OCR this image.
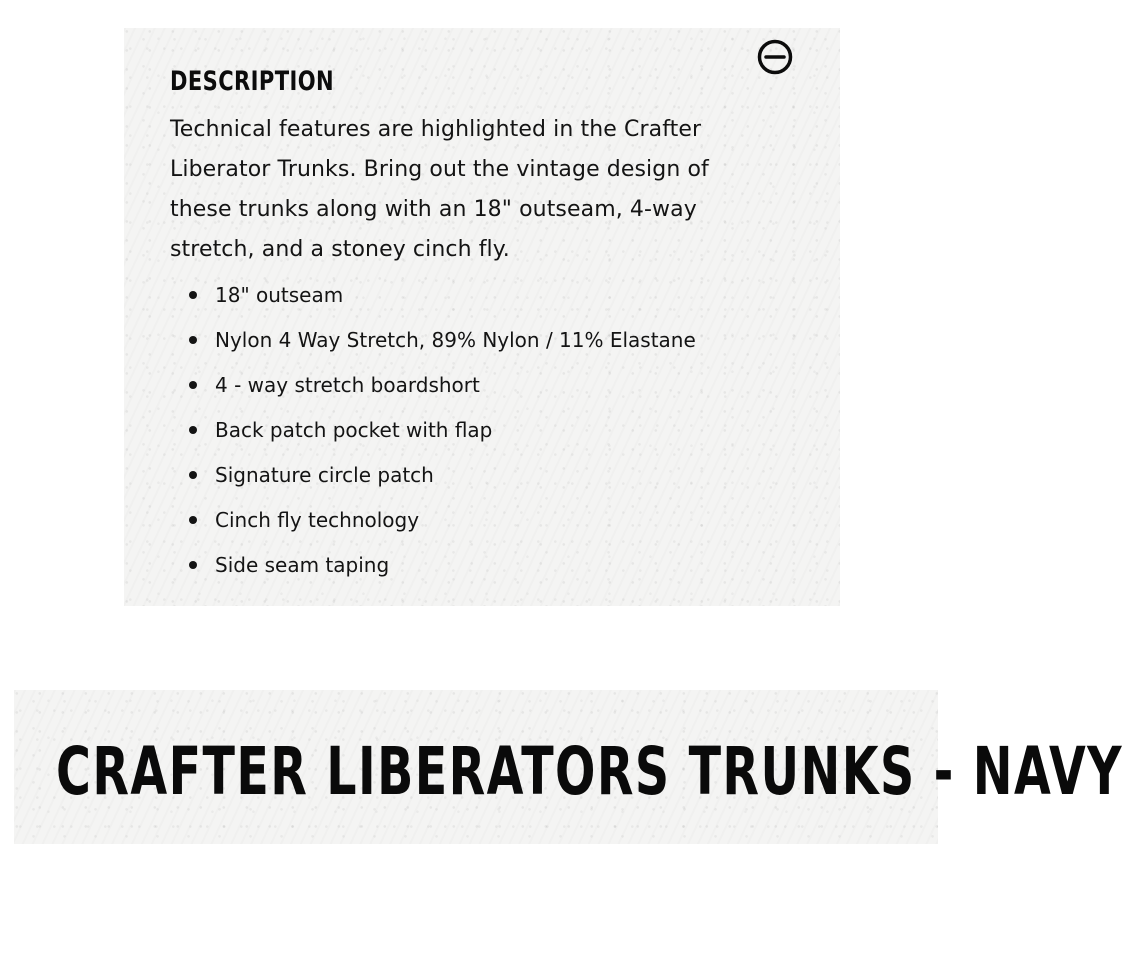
DESCRIPTION

Technical features are highlighted in the Crafter Liberator Trunks. Bring out the vintage design of these trunks along with an 18" outseam, 4-way stretch, and a stoney cinch fly.

18" outseam
Nylon 4 Way Stretch, 89% Nylon / 11% Elastane
4 - way stretch boardshort
Back patch pocket with flap
Signature circle patch
Cinch fly technology
Side seam taping
CRAFTER LIBERATORS TRUNKS - NAVY
